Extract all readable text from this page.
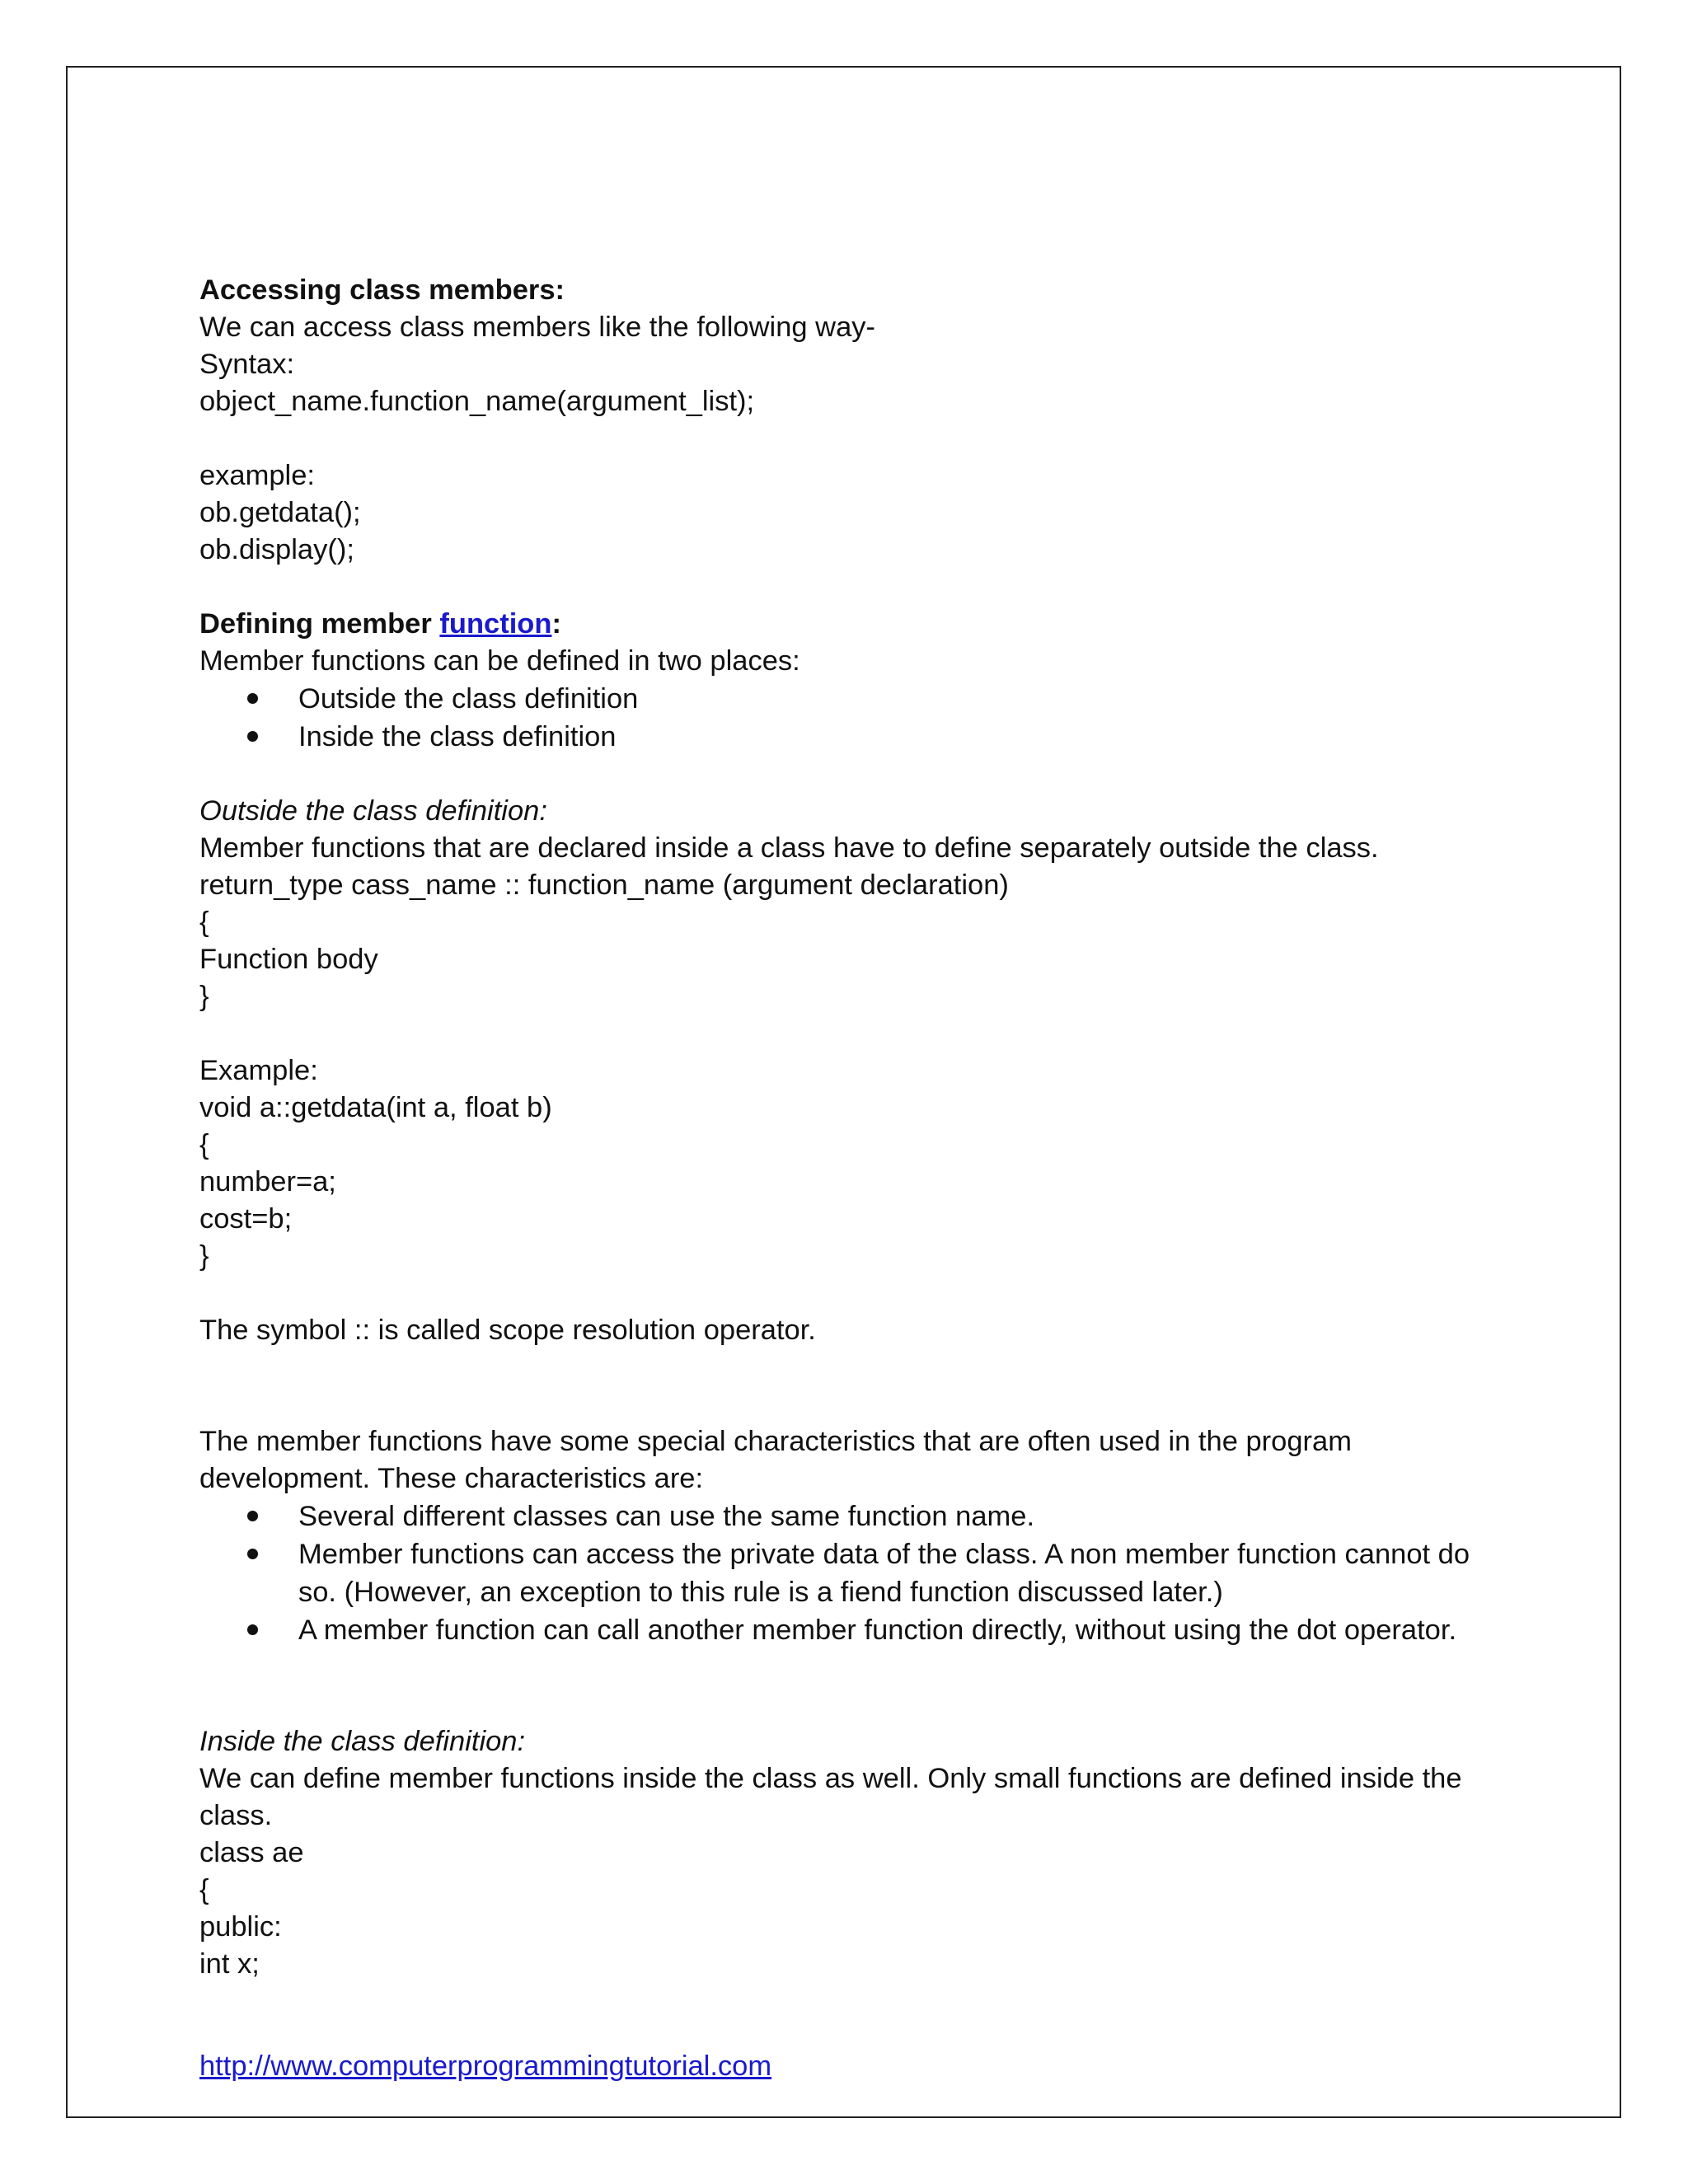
Accessing class members:
We can access class members like the following way-
Syntax:
object_name.function_name(argument_list);
example:
ob.getdata();
ob.display();
Defining member function:
Member functions can be defined in two places:
Outside the class definition
Inside the class definition
Outside the class definition:
Member functions that are declared inside a class have to define separately outside the class.
return_type cass_name :: function_name (argument declaration)
{
Function body
}
Example:
void a::getdata(int a, float b)
{
number=a;
cost=b;
}
The symbol :: is called scope resolution operator.
The member functions have some special characteristics that are often used in the program development. These characteristics are:
Several different classes can use the same function name.
Member functions can access the private data of the class. A non member function cannot do so. (However, an exception to this rule is a fiend function discussed later.)
A member function can call another member function directly, without using the dot operator.
Inside the class definition:
We can define member functions inside the class as well. Only small functions are defined inside the class.
class ae
{
public:
int x;
http://www.computerprogrammingtutorial.com
